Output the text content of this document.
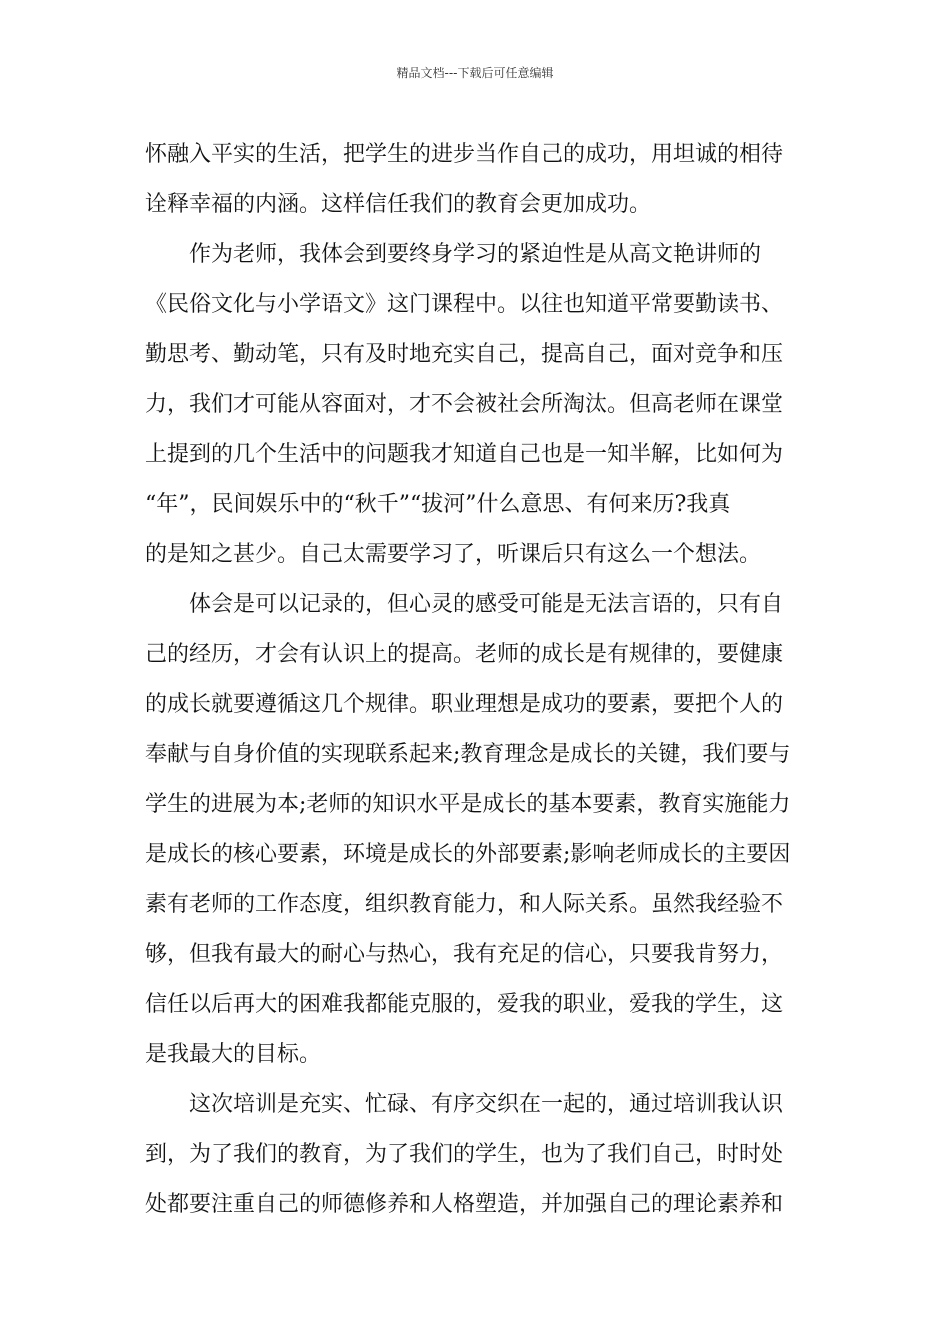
精品文档---下载后可任意编辑
怀融入平实的生活，把学生的进步当作自己的成功，用坦诚的相待
诠释幸福的内涵。这样信任我们的教育会更加成功。
作为老师，我体会到要终身学习的紧迫性是从高文艳讲师的
《民俗文化与小学语文》这门课程中。以往也知道平常要勤读书、
勤思考、勤动笔，只有及时地充实自己，提高自己，面对竞争和压
力，我们才可能从容面对，才不会被社会所淘汰。但高老师在课堂
上提到的几个生活中的问题我才知道自己也是一知半解，比如何为
“年”，民间娱乐中的“秋千”“拔河”什么意思、有何来历?我真
的是知之甚少。自己太需要学习了，听课后只有这么一个想法。
体会是可以记录的，但心灵的感受可能是无法言语的，只有自
己的经历，才会有认识上的提高。老师的成长是有规律的，要健康
的成长就要遵循这几个规律。职业理想是成功的要素，要把个人的
奉献与自身价值的实现联系起来;教育理念是成长的关键，我们要与
学生的进展为本;老师的知识水平是成长的基本要素，教育实施能力
是成长的核心要素，环境是成长的外部要素;影响老师成长的主要因
素有老师的工作态度，组织教育能力，和人际关系。虽然我经验不
够，但我有最大的耐心与热心，我有充足的信心，只要我肯努力，
信任以后再大的困难我都能克服的，爱我的职业，爱我的学生，这
是我最大的目标。
这次培训是充实、忙碌、有序交织在一起的，通过培训我认识
到，为了我们的教育，为了我们的学生，也为了我们自己，时时处
处都要注重自己的师德修养和人格塑造，并加强自己的理论素养和
